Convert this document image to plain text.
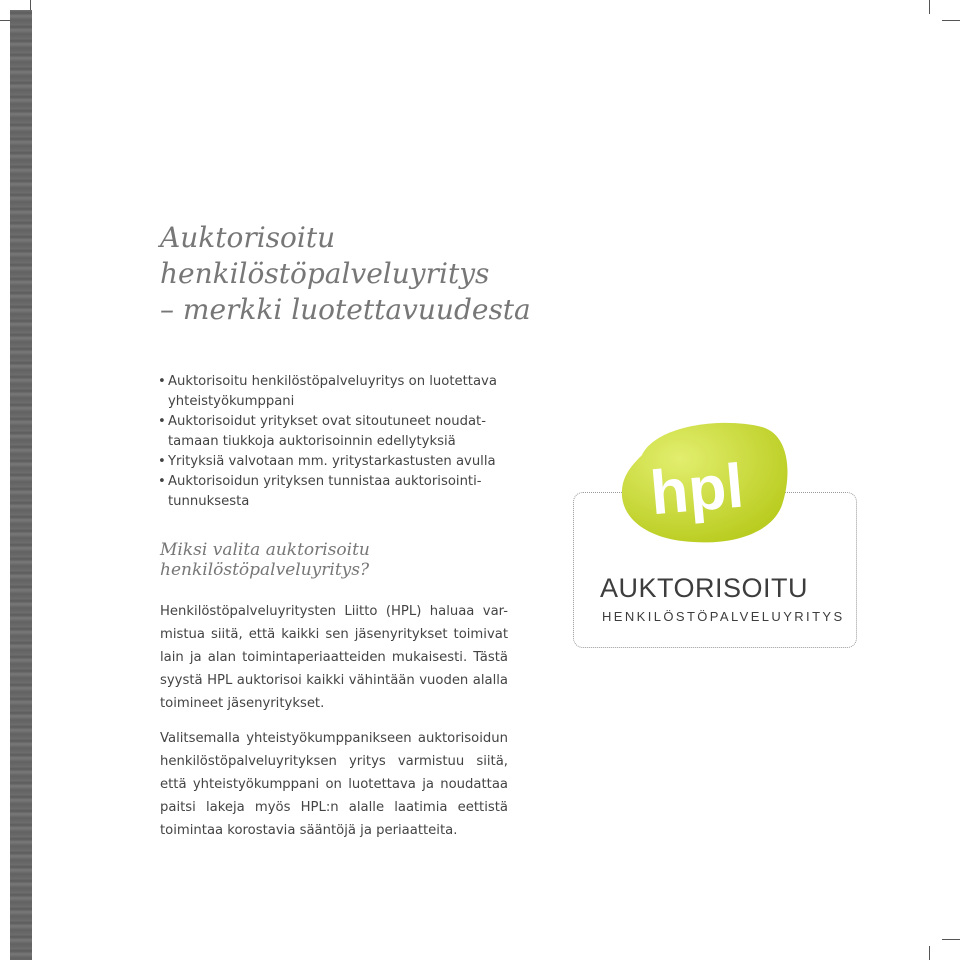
Auktorisoitu
henkilöstöpalveluyritys
– merkki luotettavuudesta
• Auktorisoitu henkilöstöpalveluyritys on luotettava yhteistyökumppani
• Auktorisoidut yritykset ovat sitoutuneet noudat-tamaan tiukkoja auktorisoinnin edellytyksiä
• Yrityksiä valvotaan mm. yritystarkastusten avulla
• Auktorisoidun yrityksen tunnistaa auktorisointi-tunnuksesta
Miksi valita auktorisoitu
henkilöstöpalveluyritys?

Henkilöstöpalveluyritysten Liitto (HPL) haluaa var-mistua siitä, että kaikki sen jäsenyritykset toimivat lain ja alan toimintaperiaatteiden mukaisesti. Tästä syystä HPL auktorisoi kaikki vähintään vuoden alalla toimineet jäsenyritykset.

Valitsemalla yhteistyökumppanikseen auktorisoidun henkilöstöpalveluyrityksen yritys varmistuu siitä, että yhteistyökumppani on luotettava ja noudattaa paitsi lakeja myös HPL:n alalle laatimia eettistä toimintaa korostavia sääntöjä ja periaatteita.

hpl
AUKTORISOITU
HENKILÖSTÖPALVELUYRITYS
